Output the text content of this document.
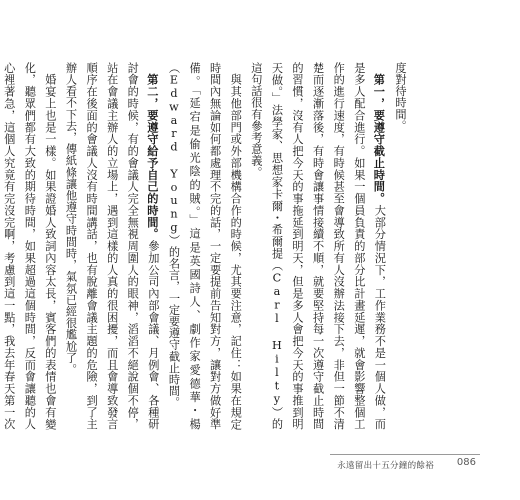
度對待時間。

　第一，要遵守截止時間。大部分情況下，工作業務不是一個人做，而是多人配合進行。如果一個員負責的部分比計畫延遲，就會影響整個工作的進行速度，有時候甚至會導致所有人沒辦法接下去，非但一節不清楚而逐漸落後，有時會讓事情接續不順，就要堅持每一次遵守截止時間的習慣，沒有人把今天的事拖延到明天，但是多人會把今天的事推到明天做。」法學家、思想家卡爾・希爾提（Carl Hilty）的這句話很有參考意義。

　與其他部門或外部機構合作的時候，尤其要注意，記住：如果在規定時間內無論如何都處理不完的話，一定要提前告知對方，讓對方做好準備。「延宕是偷光陰的賊。」這是英國詩人、劇作家愛德華・楊（Edward Young）的名言，一定要遵守截止時間。

　第二，要遵守給予自己的時間。參加公司內部會議、月例會、各種研討會的時候，有的會議人完全無視周圍人的眼神，滔滔不絕說個不停，站在會議主辦人的立場上，遇到這樣的人真的很困擾，而且會導致發言順序在後面的會議人沒有時間講話，也有脫離會議主題的危險，到了主辦人看不下去，傳紙條讓他遵守時間時，氣氛已經很尷尬了。

　婚宴上也是一樣。如果證婚人致詞內容太長，賓客們的表情也會有變化，聽眾們都有大致的期待時間，如果超過這個時間，反而會讓聽的人心裡著急，這個人究竟有完沒完啊，考慮到這一點，我去年春天第一次

永遠留出十五分鐘的餘裕 086
